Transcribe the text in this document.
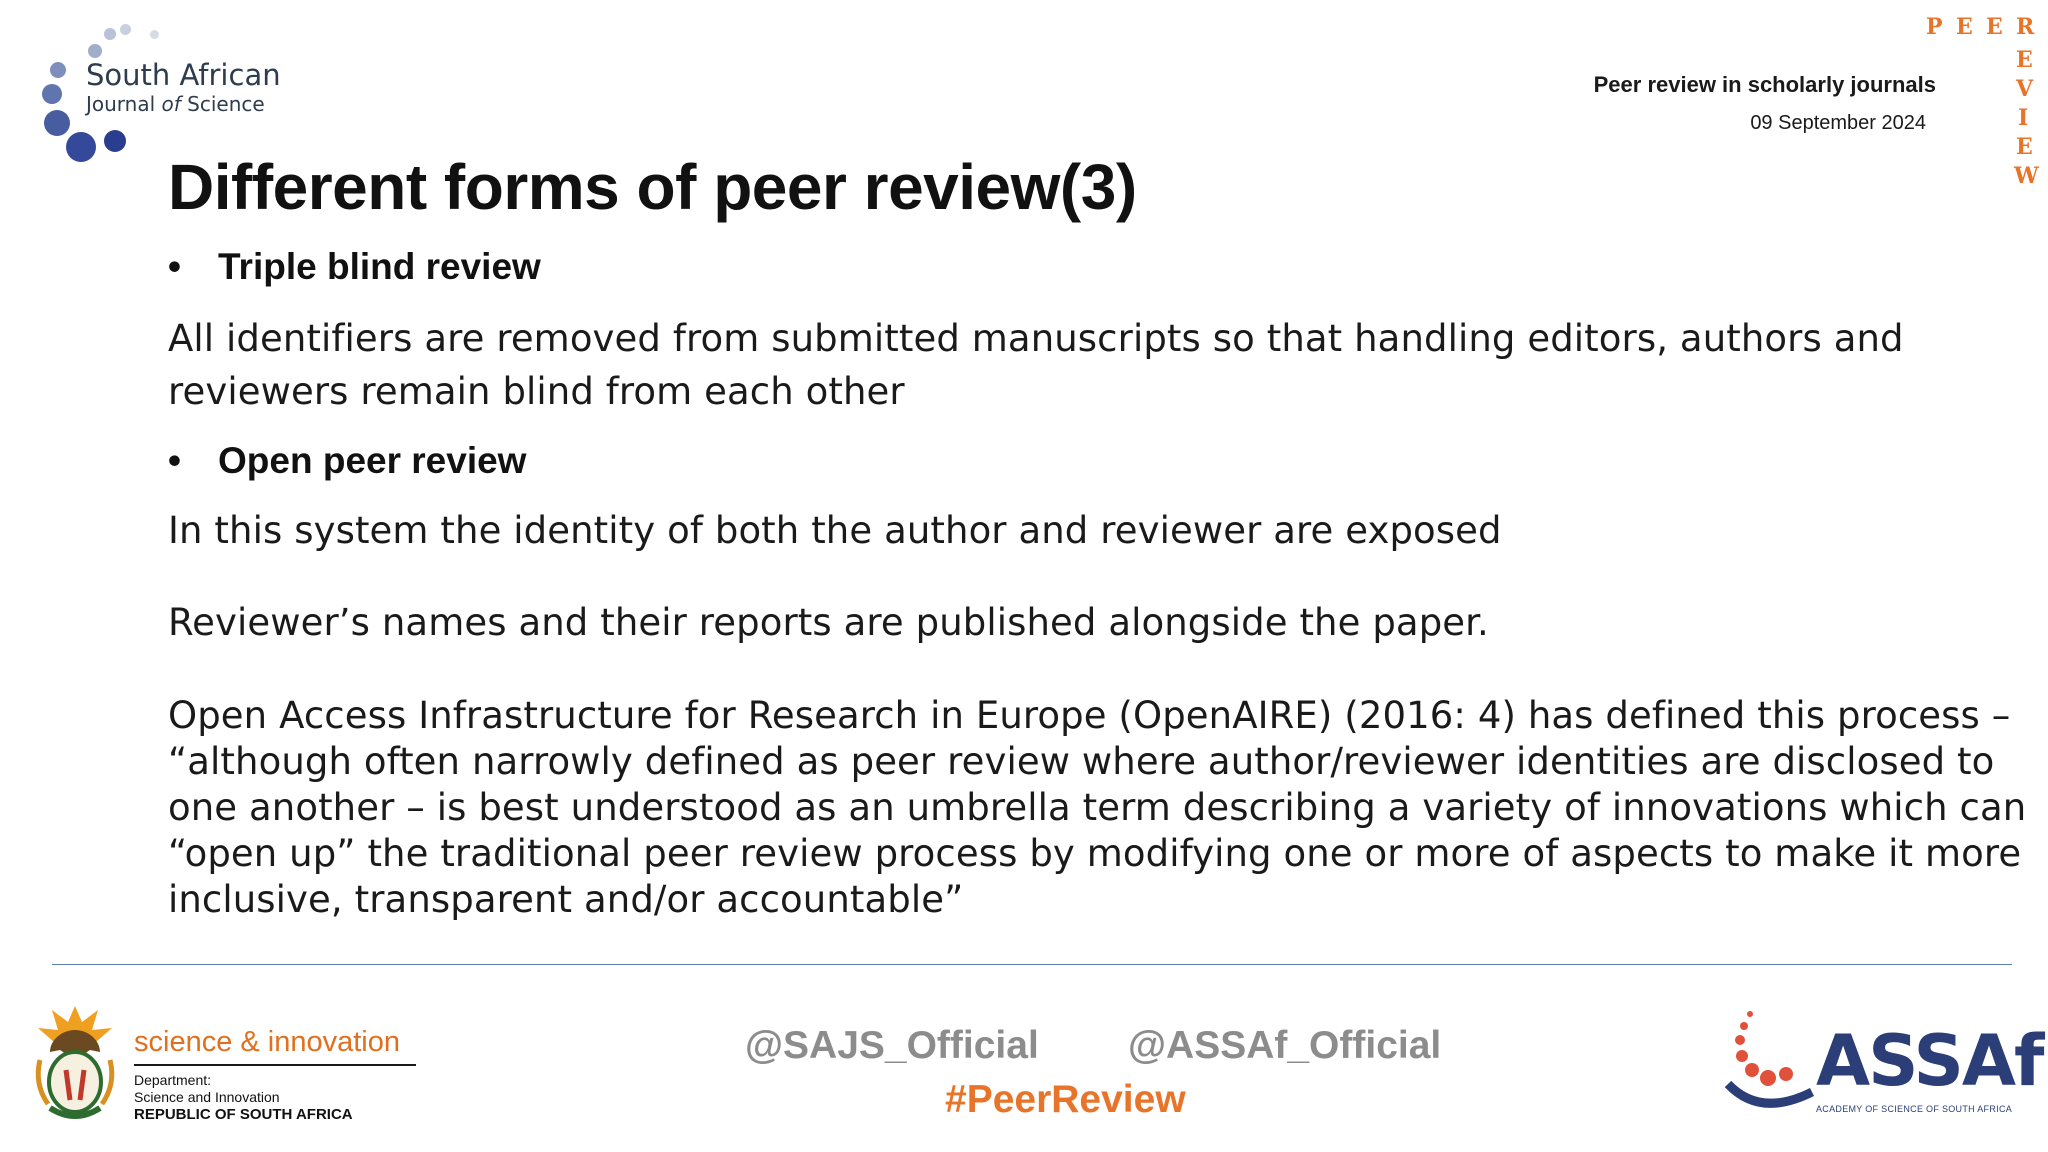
South African
Journal of Science
Peer review in scholarly journals
09 September 2024
P E E R
E
V
I
E
W
Different forms of peer review(3)
• Triple blind review
All identifiers are removed from submitted manuscripts so that handling editors, authors and
reviewers remain blind from each other
• Open peer review
In this system the identity of both the author and reviewer are exposed
Reviewer’s names and their reports are published alongside the paper.
Open Access Infrastructure for Research in Europe (OpenAIRE) (2016: 4) has defined this process –
“although often narrowly defined as peer review where author/reviewer identities are disclosed to
one another – is best understood as an umbrella term describing a variety of innovations which can
“open up” the traditional peer review process by modifying one or more of aspects to make it more
inclusive, transparent and/or accountable”
science & innovation
Department:
Science and Innovation
REPUBLIC OF SOUTH AFRICA
@SAJS_Official @ASSAf_Official
#PeerReview	ASSAf
ACADEMY OF SCIENCE OF SOUTH AFRICA
